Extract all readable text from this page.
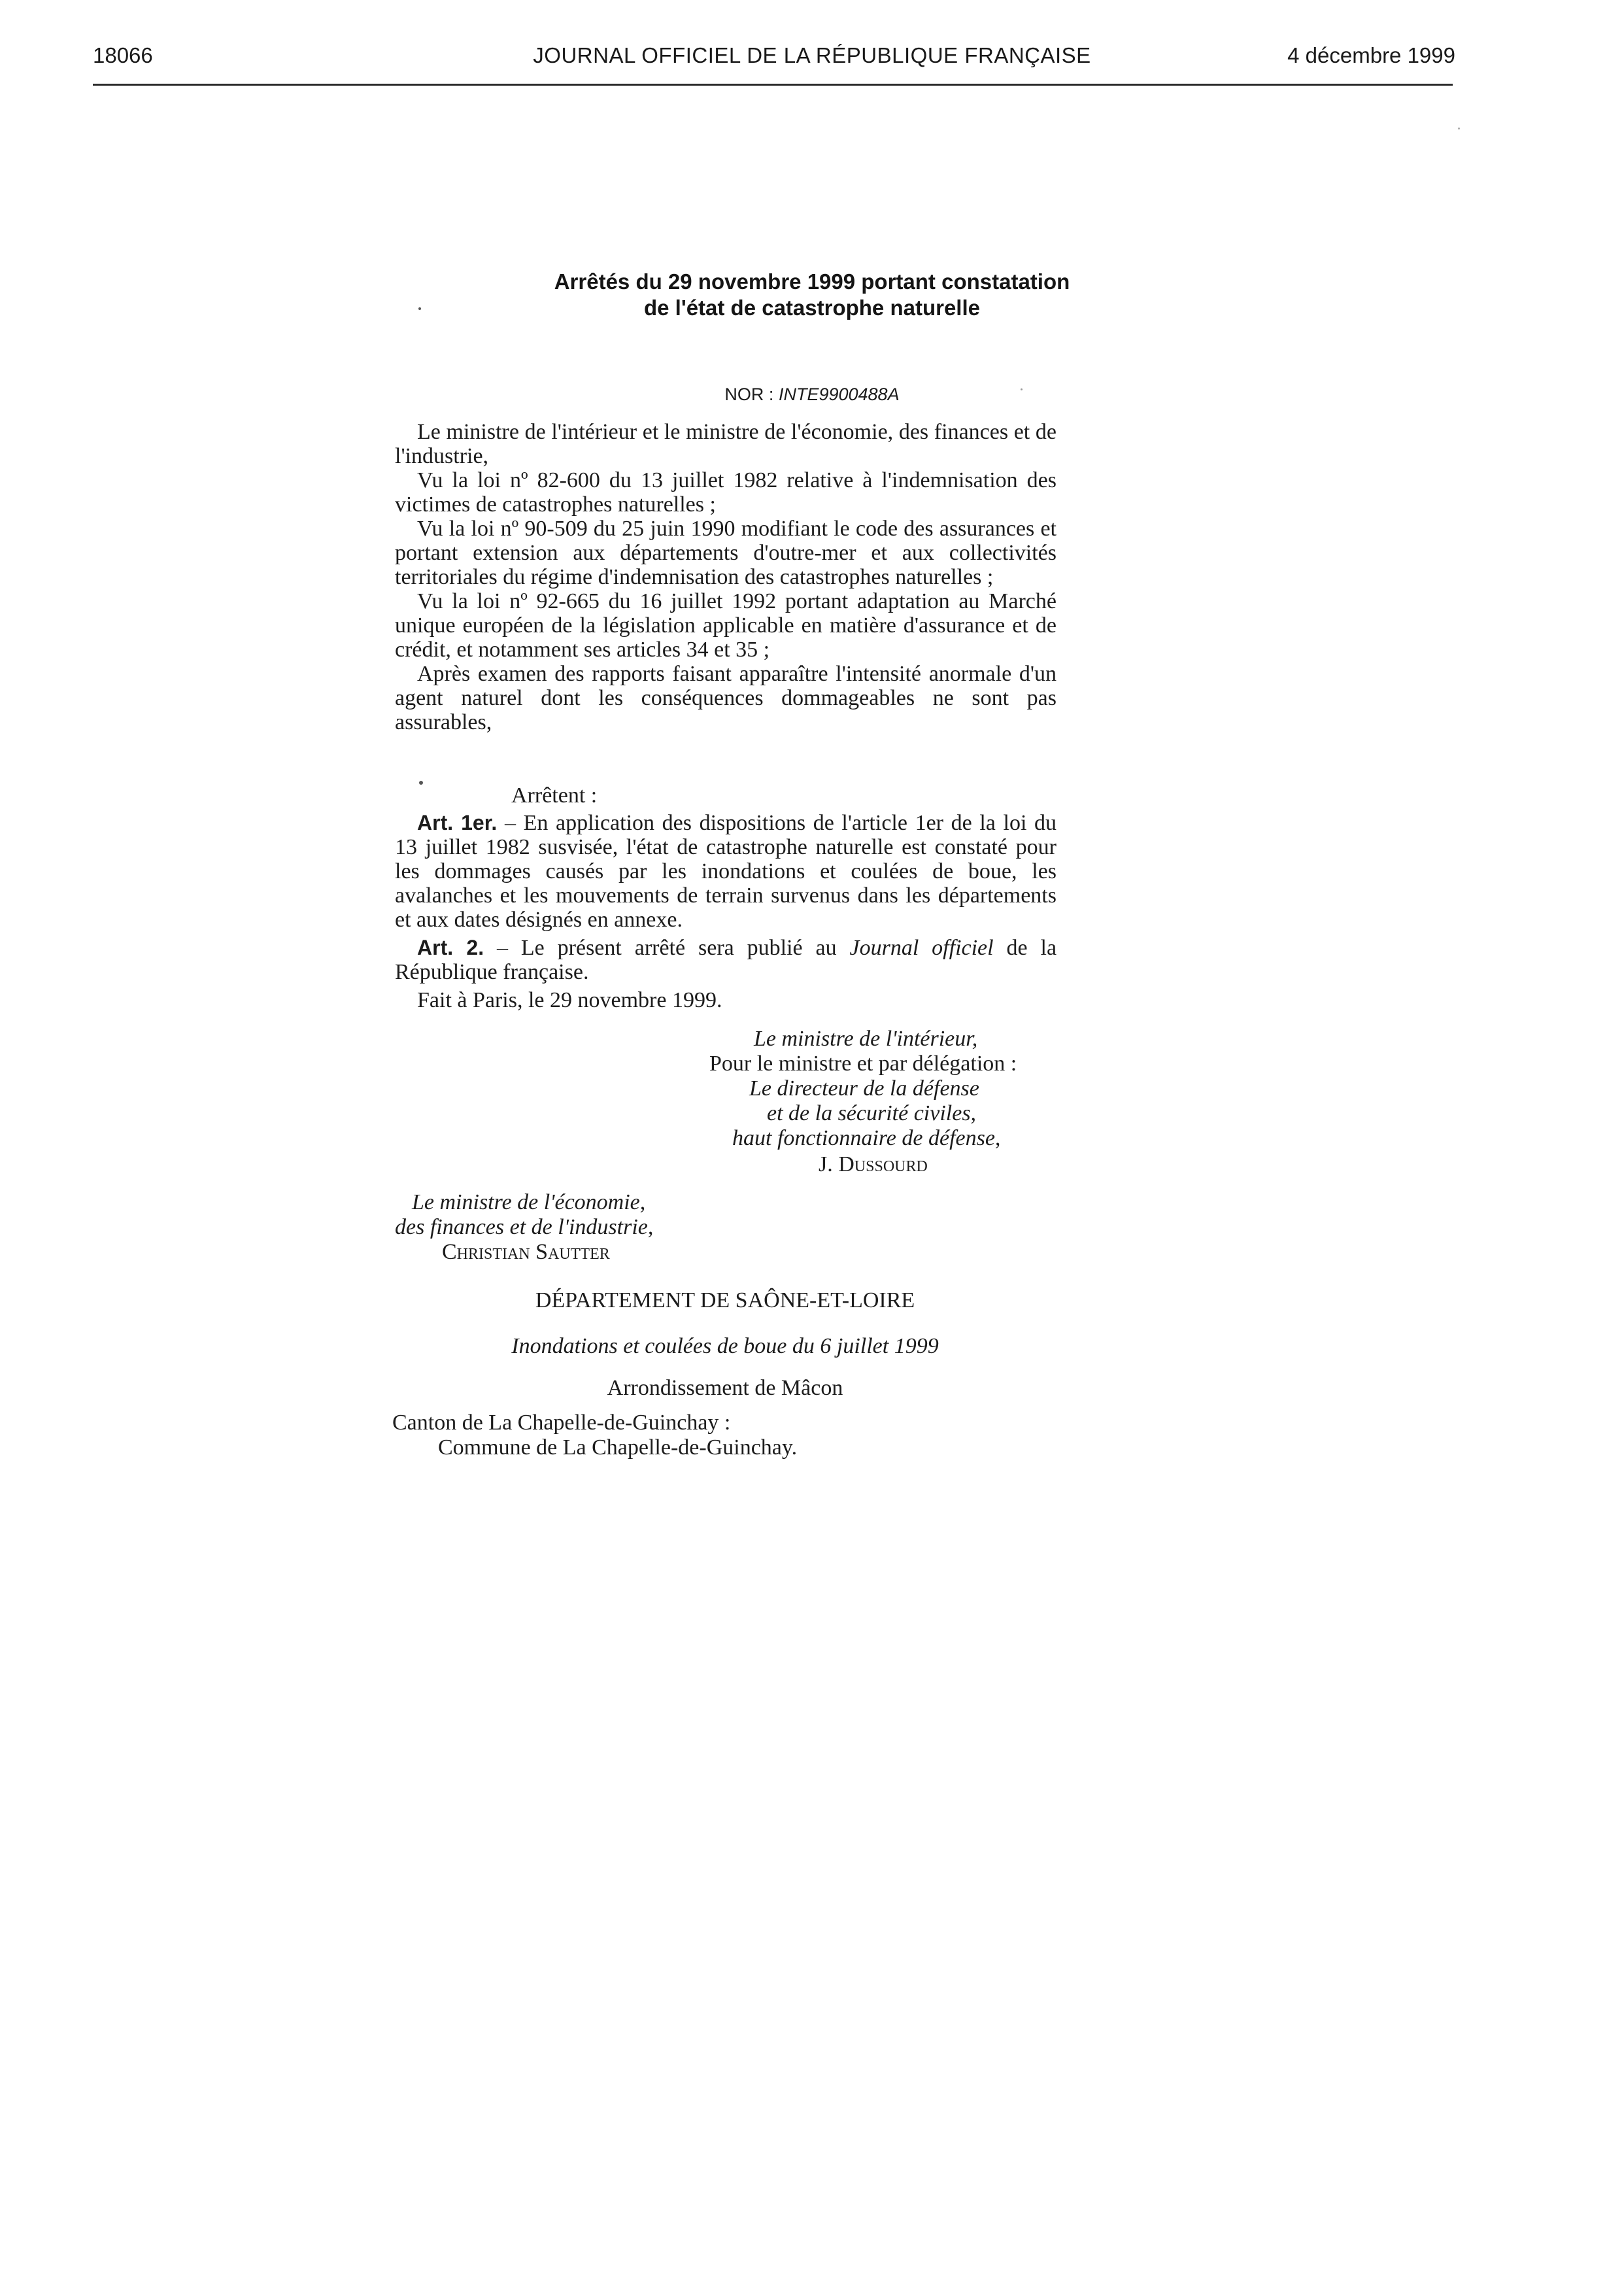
18066	JOURNAL OFFICIEL DE LA RÉPUBLIQUE FRANÇAISE	4 décembre 1999
Arrêtés du 29 novembre 1999 portant constatation
de l'état de catastrophe naturelle
NOR : INTE9900488A

Le ministre de l'intérieur et le ministre de l'économie, des finances et de l'industrie,

Vu la loi nº 82-600 du 13 juillet 1982 relative à l'indemnisation des victimes de catastrophes naturelles ;

Vu la loi nº 90-509 du 25 juin 1990 modifiant le code des assurances et portant extension aux départements d'outre-mer et aux collectivités territoriales du régime d'indemnisation des catastrophes naturelles ;

Vu la loi nº 92-665 du 16 juillet 1992 portant adaptation au Marché unique européen de la législation applicable en matière d'assurance et de crédit, et notamment ses articles 34 et 35 ;

Après examen des rapports faisant apparaître l'intensité anormale d'un agent naturel dont les conséquences dommageables ne sont pas assurables,

Arrêtent :

Art. 1er. – En application des dispositions de l'article 1er de la loi du 13 juillet 1982 susvisée, l'état de catastrophe naturelle est constaté pour les dommages causés par les inondations et coulées de boue, les avalanches et les mouvements de terrain survenus dans les départements et aux dates désignés en annexe.

Art. 2. – Le présent arrêté sera publié au Journal officiel de la République française.

Fait à Paris, le 29 novembre 1999.

Le ministre de l'intérieur,
Pour le ministre et par délégation :
Le directeur de la défense
et de la sécurité civiles,
haut fonctionnaire de défense,
J. Dussourd
Le ministre de l'économie,
des finances et de l'industrie,
Christian Sautter
DÉPARTEMENT DE SAÔNE-ET-LOIRE
Inondations et coulées de boue du 6 juillet 1999
Arrondissement de Mâcon
Canton de La Chapelle-de-Guinchay :
Commune de La Chapelle-de-Guinchay.
